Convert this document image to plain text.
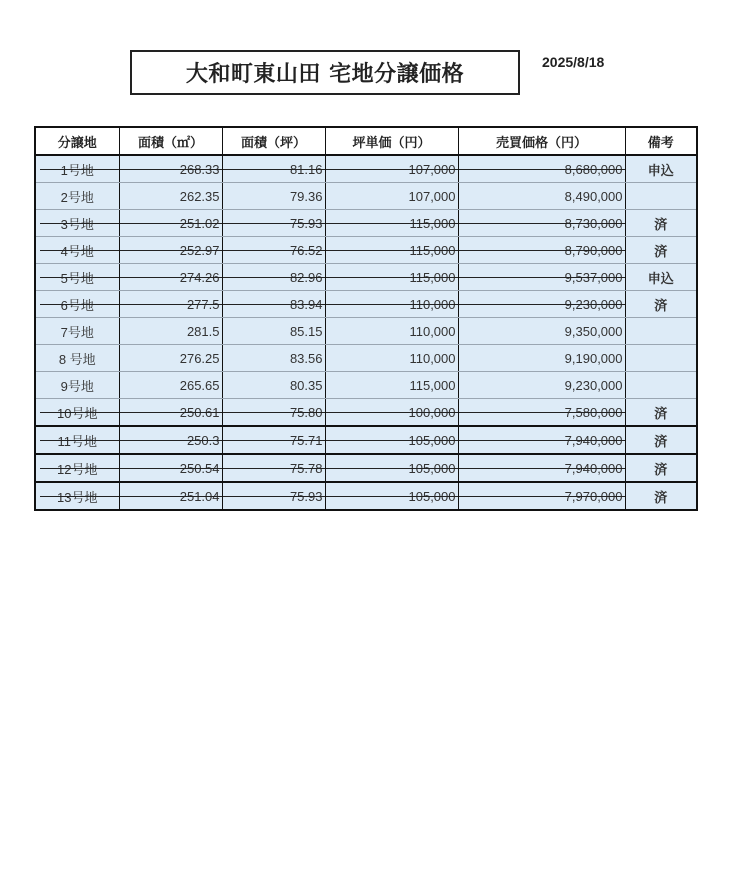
大和町東山田 宅地分譲価格	2025/8/18
分譲地	面積（㎡）	面積（坪）	坪単価（円）	売買価格（円）	備考
1号地	268.33	81.16	107,000	8,680,000	申込
2号地	262.35	79.36	107,000	8,490,000	
3号地	251.02	75.93	115,000	8,730,000	済
4号地	252.97	76.52	115,000	8,790,000	済
5号地	274.26	82.96	115,000	9,537,000	申込
6号地	277.5	83.94	110,000	9,230,000	済
7号地	281.5	85.15	110,000	9,350,000	
8 号地	276.25	83.56	110,000	9,190,000	
9号地	265.65	80.35	115,000	9,230,000	
10号地	250.61	75.80	100,000	7,580,000	済
11号地	250.3	75.71	105,000	7,940,000	済
12号地	250.54	75.78	105,000	7,940,000	済
13号地	251.04	75.93	105,000	7,970,000	済
